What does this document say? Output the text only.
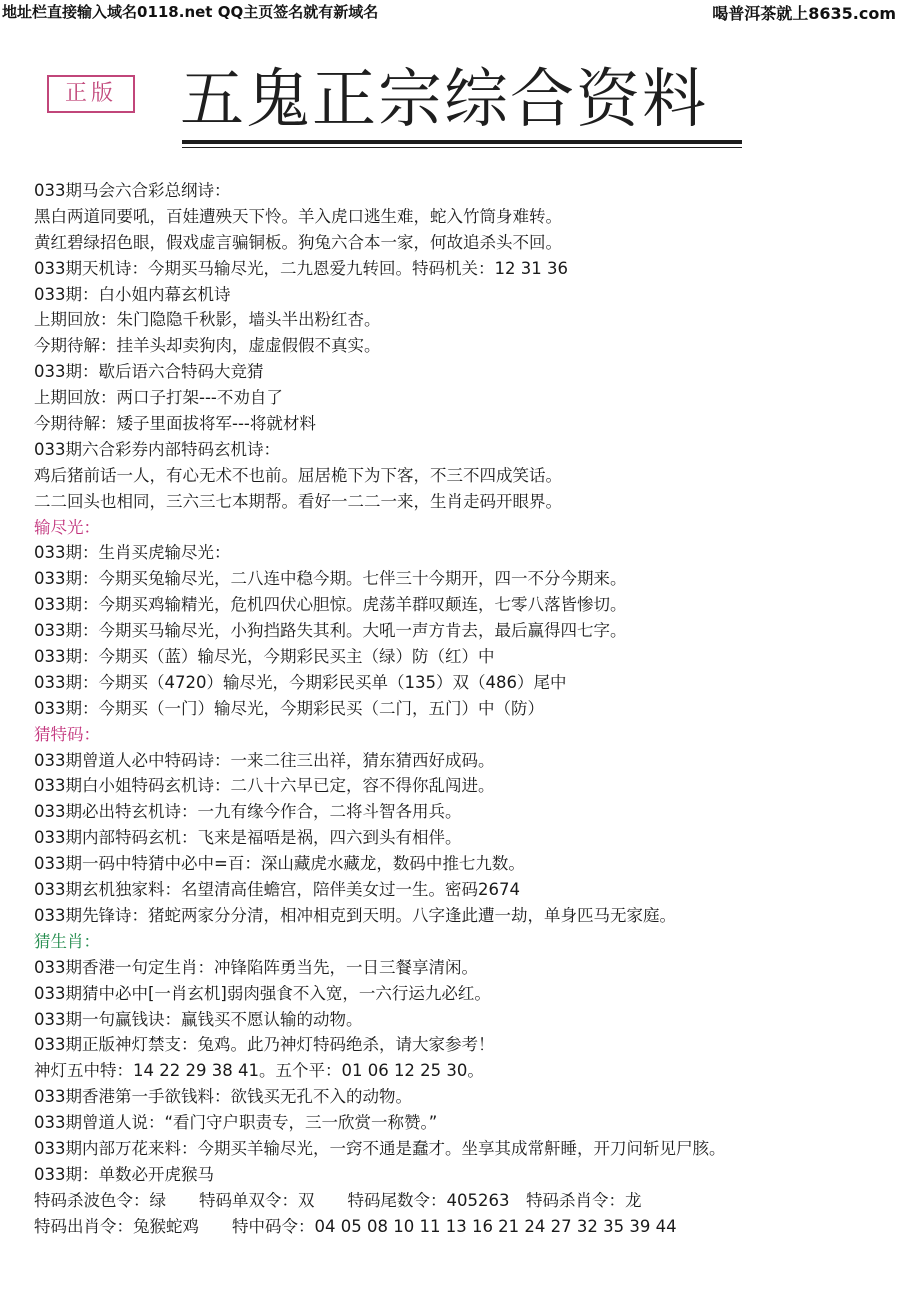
地址栏直接输入域名0118.net QQ主页签名就有新域名	喝普洱茶就上8635.com
正版 五鬼正宗综合资料
033期马会六合彩总纲诗：
黑白两道同要吼，百娃遭殃天下怜。羊入虎口逃生难，蛇入竹筒身难转。
黄红碧绿招色眼，假戏虚言骗铜板。狗兔六合本一家，何故追杀头不回。
033期天机诗：今期买马输尽光，二九恩爱九转回。特码机关：12 31 36
033期：白小姐内幕玄机诗
上期回放：朱门隐隐千秋影，墙头半出粉红杏。
今期待解：挂羊头却卖狗肉，虚虚假假不真实。
033期：歇后语六合特码大竞猜
上期回放：两口子打架---不劝自了
今期待解：矮子里面拔将军---将就材料
033期六合彩券内部特码玄机诗：
鸡后猪前话一人，有心无术不也前。屈居桅下为下客，不三不四成笑话。
二二回头也相同，三六三七本期帮。看好一二二一来，生肖走码开眼界。
输尽光：
033期：生肖买虎输尽光：
033期：今期买兔输尽光，二八连中稳今期。七伴三十今期开，四一不分今期来。
033期：今期买鸡输精光，危机四伏心胆惊。虎荡羊群叹颠连，七零八落皆惨切。
033期：今期买马输尽光，小狗挡路失其利。大吼一声方肯去，最后赢得四七字。
033期：今期买（蓝）输尽光，今期彩民买主（绿）防（红）中
033期：今期买（4720）输尽光，今期彩民买单（135）双（486）尾中
033期：今期买（一门）输尽光，今期彩民买（二门，五门）中（防）
猜特码：
033期曾道人必中特码诗：一来二往三出祥，猜东猜西好成码。
033期白小姐特码玄机诗：二八十六早已定，容不得你乱闯进。
033期必出特玄机诗：一九有缘今作合，二将斗智各用兵。
033期内部特码玄机：飞来是福唔是祸，四六到头有相伴。
033期一码中特猜中必中=百：深山藏虎水藏龙，数码中推七九数。
033期玄机独家料：名望清高佳蟾宫，陪伴美女过一生。密码2674
033期先锋诗：猪蛇两家分分清，相冲相克到天明。八字逢此遭一劫，单身匹马无家庭。
猜生肖：
033期香港一句定生肖：冲锋陷阵勇当先，一日三餐享清闲。
033期猜中必中[一肖玄机]弱肉强食不入宽，一六行运九必红。
033期一句赢钱诀：赢钱买不愿认输的动物。
033期正版神灯禁支：兔鸡。此乃神灯特码绝杀，请大家参考！
神灯五中特：14 22 29 38 41。五个平：01 06 12 25 30。
033期香港第一手欲钱料：欲钱买无孔不入的动物。
033期曾道人说：“看门守户职责专，三一欣赏一称赞。”
033期内部万花来料：今期买羊输尽光，一窍不通是蠢才。坐享其成常鼾睡，开刀问斩见尸胲。
033期：单数必开虎猴马
特码杀波色令：绿　　特码单双令：双　　特码尾数令：405263　特码杀肖令：龙
特码出肖令：兔猴蛇鸡　　特中码令：04 05 08 10 11 13 16 21 24 27 32 35 39 44
